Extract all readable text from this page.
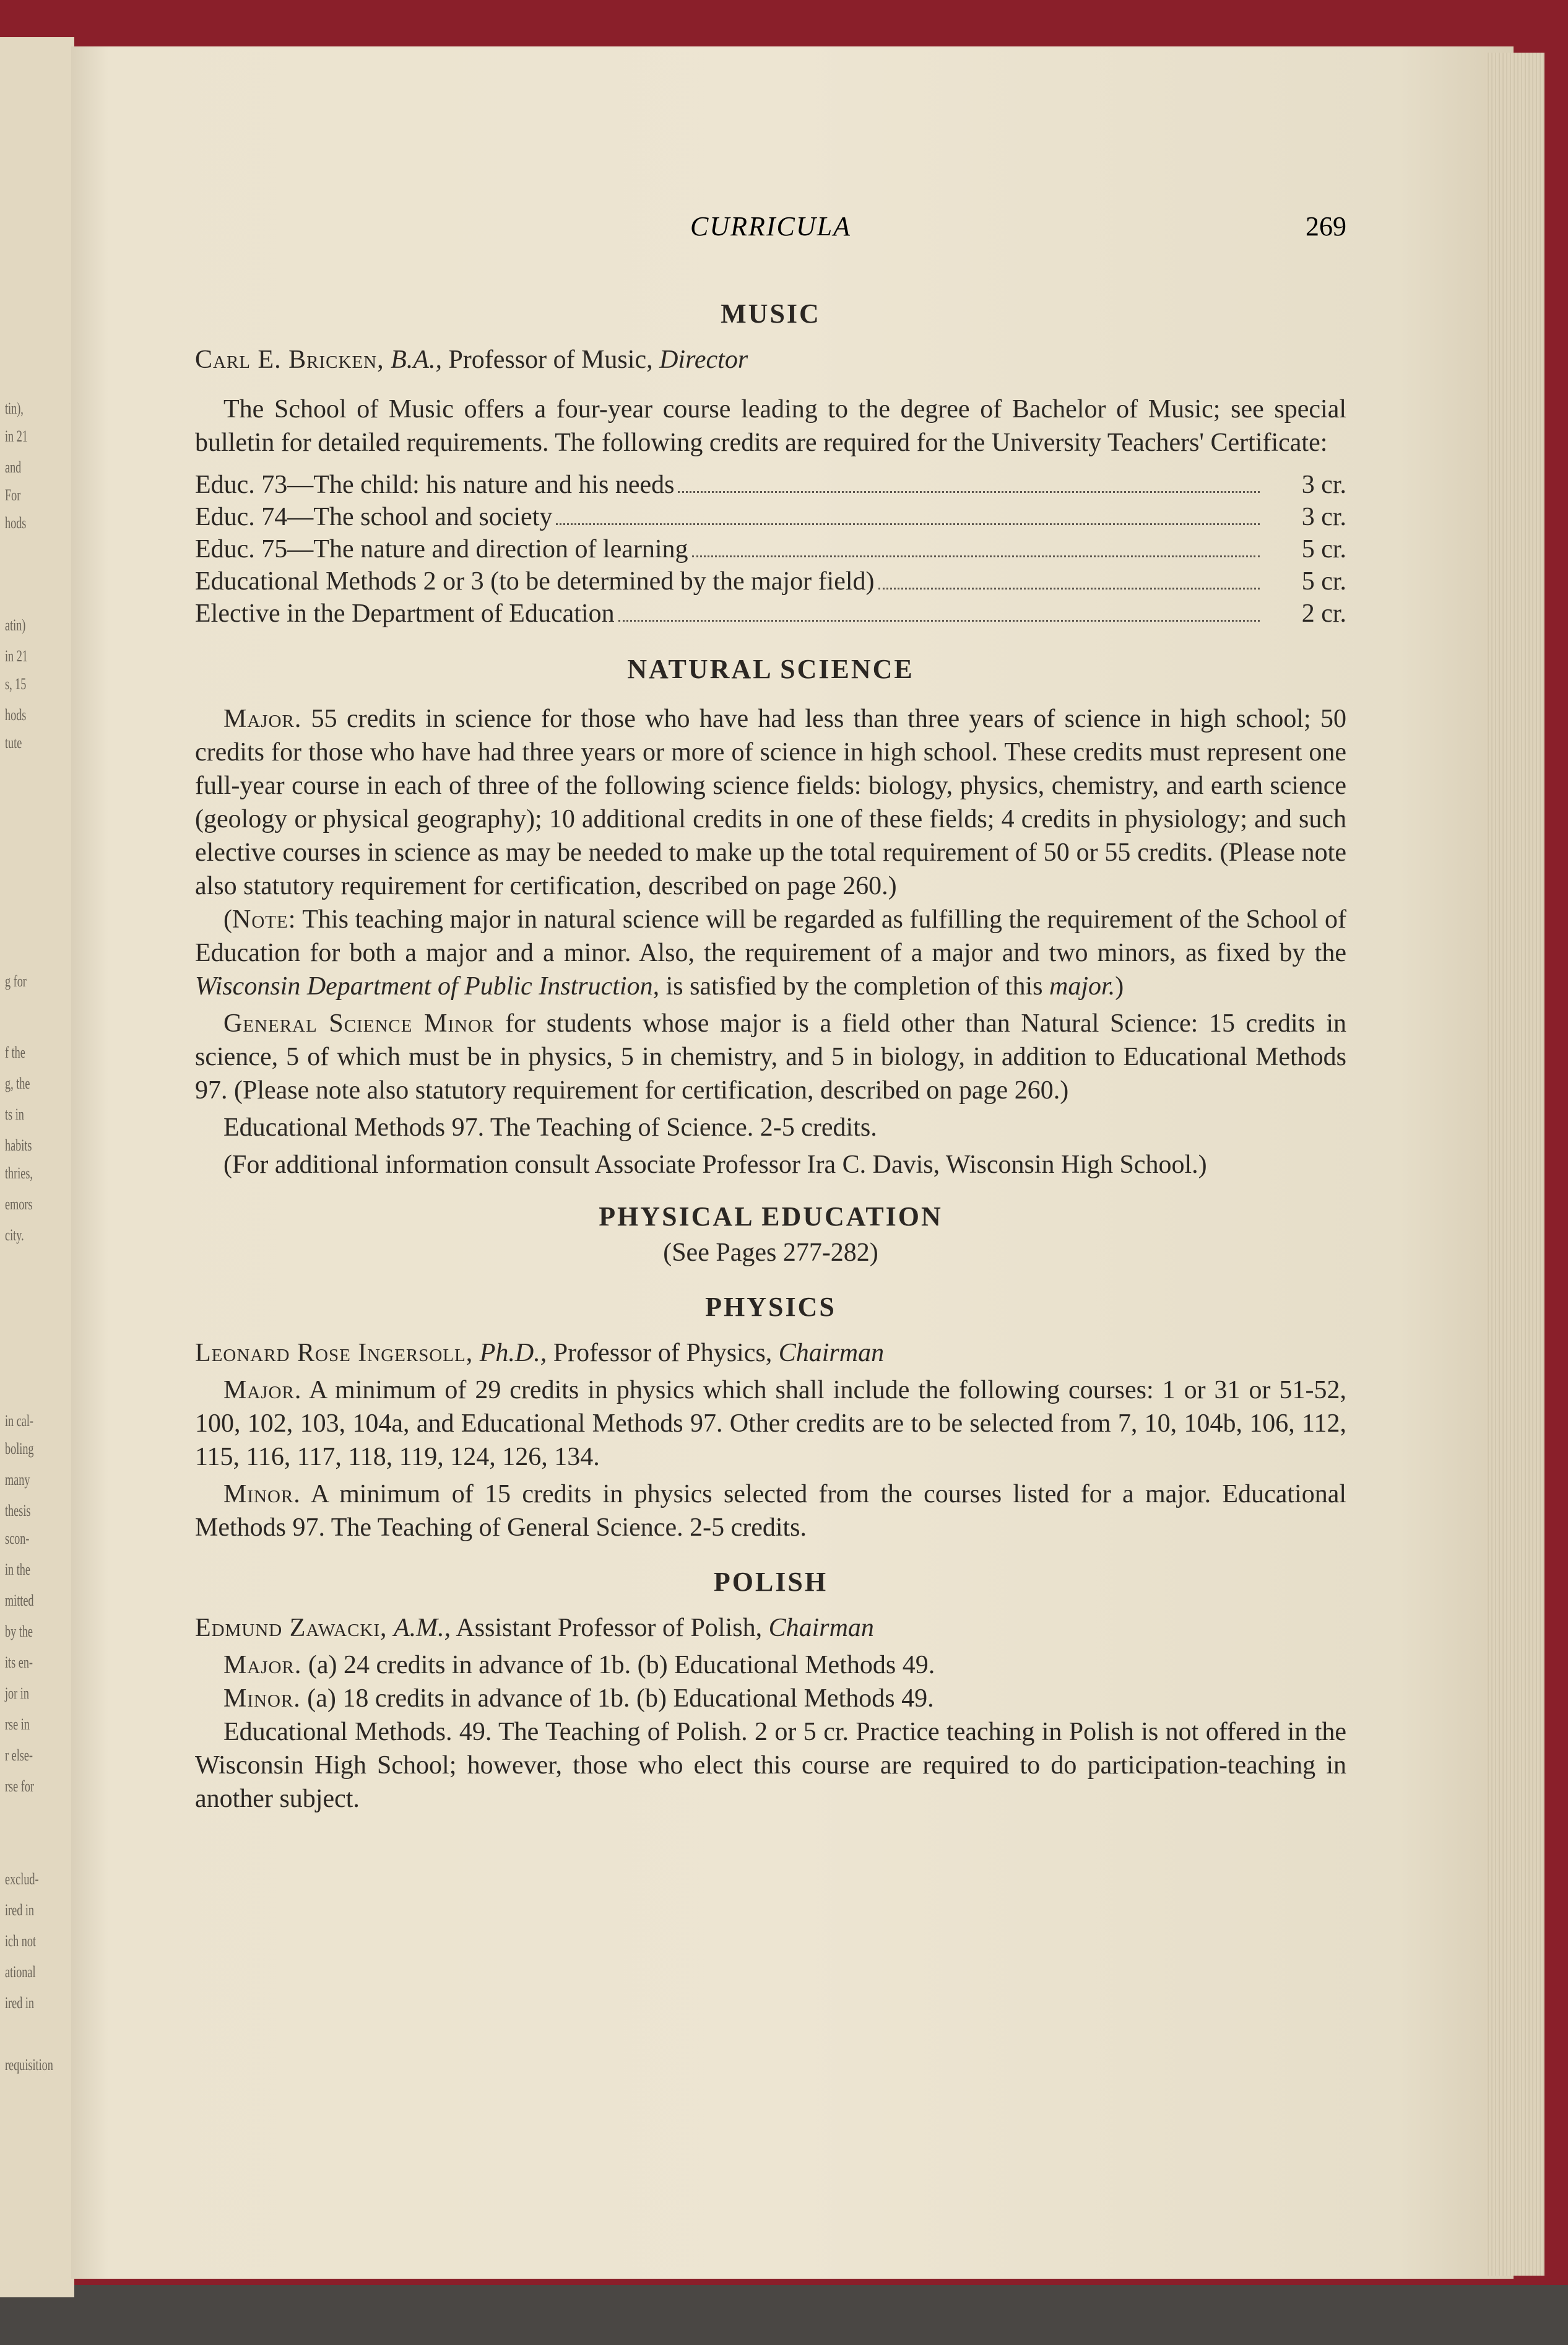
tin),
in 21
and
For
hods
atin)
in 21
s, 15
hods
tute
g for
f the
g, the
ts in
habits
thries,
emors
city.
in cal-
boling
many
thesis
scon-
in the
mitted
by the
its en-
jor in
rse in
r else-
rse for
exclud-
ired in
ich not
ational
ired in
requisition
CURRICULA	269
MUSIC

Carl E. Bricken, B.A., Professor of Music, Director

The School of Music offers a four-year course leading to the degree of Bachelor of Music; see special bulletin for detailed requirements. The following credits are required for the University Teachers' Certificate:

Educ. 73—The child: his nature and his needs	3 cr.
Educ. 74—The school and society	3 cr.
Educ. 75—The nature and direction of learning	5 cr.
Educational Methods 2 or 3 (to be determined by the major field)	5 cr.
Elective in the Department of Education	2 cr.
NATURAL SCIENCE

Major. 55 credits in science for those who have had less than three years of science in high school; 50 credits for those who have had three years or more of science in high school. These credits must represent one full-year course in each of three of the following science fields: biology, physics, chemistry, and earth science (geology or physical geography); 10 additional credits in one of these fields; 4 credits in physiology; and such elective courses in science as may be needed to make up the total requirement of 50 or 55 credits. (Please note also statutory requirement for certification, described on page 260.)

(Note: This teaching major in natural science will be regarded as fulfilling the requirement of the School of Education for both a major and a minor. Also, the requirement of a major and two minors, as fixed by the Wisconsin Department of Public Instruction, is satisfied by the completion of this major.)

General Science Minor for students whose major is a field other than Natural Science: 15 credits in science, 5 of which must be in physics, 5 in chemistry, and 5 in biology, in addition to Educational Methods 97. (Please note also statutory requirement for certification, described on page 260.)

Educational Methods 97. The Teaching of Science. 2-5 credits.

(For additional information consult Associate Professor Ira C. Davis, Wisconsin High School.)

PHYSICAL EDUCATION

(See Pages 277-282)

PHYSICS

Leonard Rose Ingersoll, Ph.D., Professor of Physics, Chairman

Major. A minimum of 29 credits in physics which shall include the following courses: 1 or 31 or 51-52, 100, 102, 103, 104a, and Educational Methods 97. Other credits are to be selected from 7, 10, 104b, 106, 112, 115, 116, 117, 118, 119, 124, 126, 134.

Minor. A minimum of 15 credits in physics selected from the courses listed for a major. Educational Methods 97. The Teaching of General Science. 2-5 credits.

POLISH

Edmund Zawacki, A.M., Assistant Professor of Polish, Chairman

Major. (a) 24 credits in advance of 1b. (b) Educational Methods 49.

Minor. (a) 18 credits in advance of 1b. (b) Educational Methods 49.

Educational Methods. 49. The Teaching of Polish. 2 or 5 cr. Practice teaching in Polish is not offered in the Wisconsin High School; however, those who elect this course are required to do participation-teaching in another subject.
